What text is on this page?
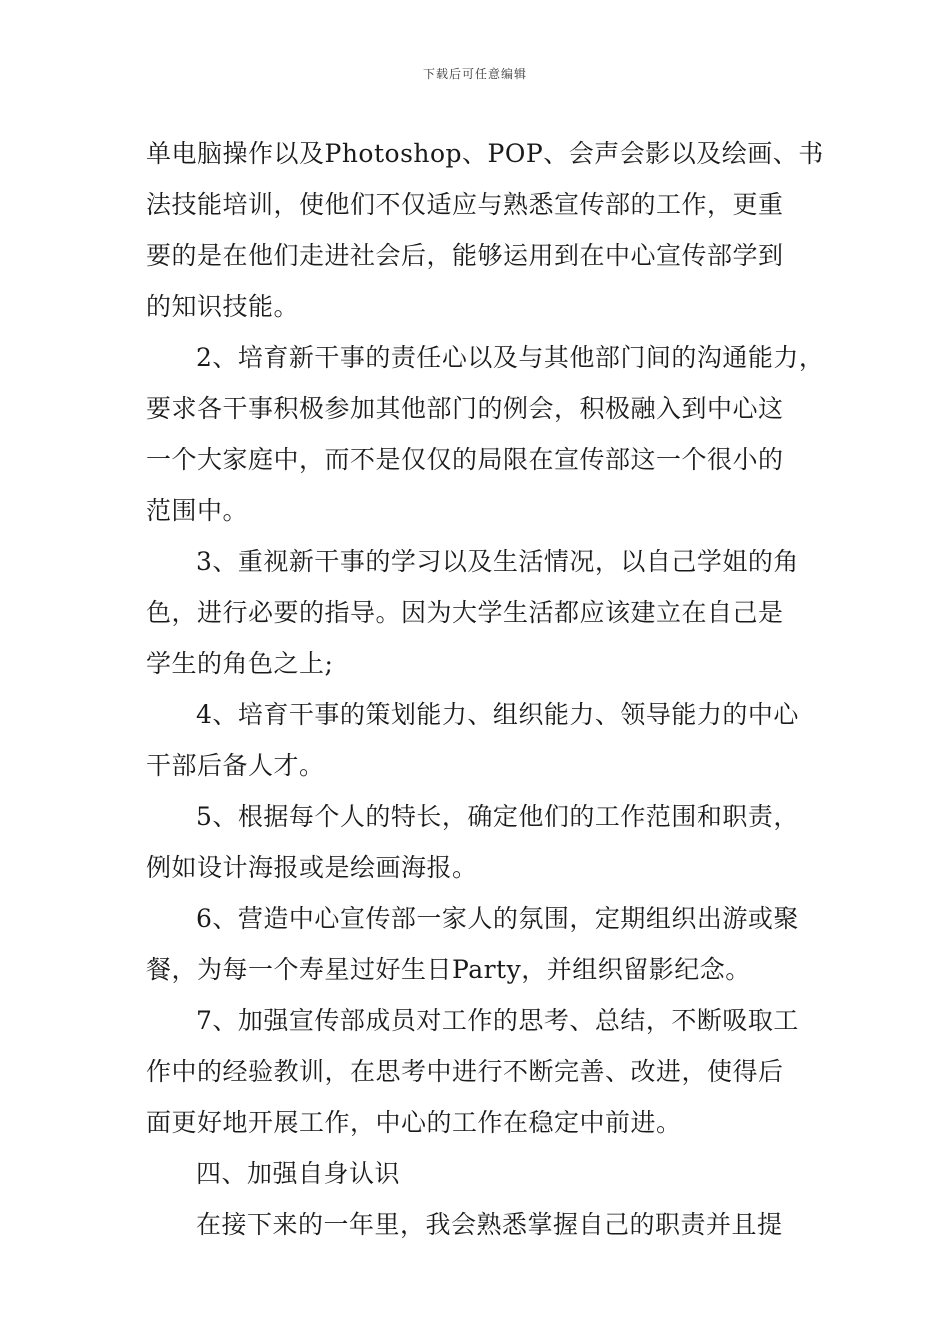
下载后可任意编辑
单电脑操作以及Photoshop、POP、会声会影以及绘画、书
法技能培训，使他们不仅适应与熟悉宣传部的工作，更重
要的是在他们走进社会后，能够运用到在中心宣传部学到
的知识技能。
2、培育新干事的责任心以及与其他部门间的沟通能力，
要求各干事积极参加其他部门的例会，积极融入到中心这
一个大家庭中，而不是仅仅的局限在宣传部这一个很小的
范围中。
3、重视新干事的学习以及生活情况，以自己学姐的角
色，进行必要的指导。因为大学生活都应该建立在自己是
学生的角色之上;
4、培育干事的策划能力、组织能力、领导能力的中心
干部后备人才。
5、根据每个人的特长，确定他们的工作范围和职责，
例如设计海报或是绘画海报。
6、营造中心宣传部一家人的氛围，定期组织出游或聚
餐，为每一个寿星过好生日Party，并组织留影纪念。
7、加强宣传部成员对工作的思考、总结，不断吸取工
作中的经验教训，在思考中进行不断完善、改进，使得后
面更好地开展工作，中心的工作在稳定中前进。
四、加强自身认识
在接下来的一年里，我会熟悉掌握自己的职责并且提
